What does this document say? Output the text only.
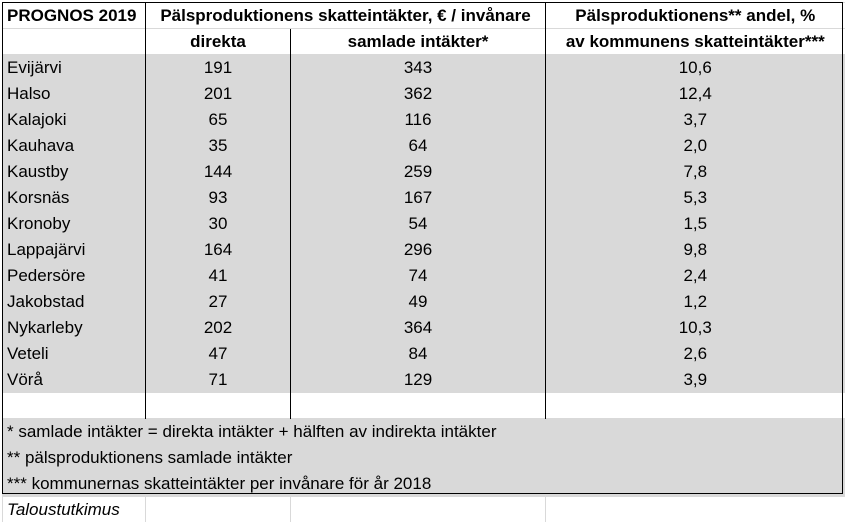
PROGNOS 2019	Pälsproduktionens skatteintäkter, € / invånare		Pälsproduktionens** andel, %
	direkta	samlade intäkter*	av kommunens skatteintäkter***
Evijärvi	191	343	10,6
Halso	201	362	12,4
Kalajoki	65	116	3,7
Kauhava	35	64	2,0
Kaustby	144	259	7,8
Korsnäs	93	167	5,3
Kronoby	30	54	1,5
Lappajärvi	164	296	9,8
Pedersöre	41	74	2,4
Jakobstad	27	49	1,2
Nykarleby	202	364	10,3
Veteli	47	84	2,6
Vörå	71	129	3,9

* samlade intäkter = direkta intäkter + hälften av indirekta intäkter			
** pälsproduktionens samlade intäkter			
*** kommunernas skatteintäkter per invånare för år 2018			
Taloustutkimus			
